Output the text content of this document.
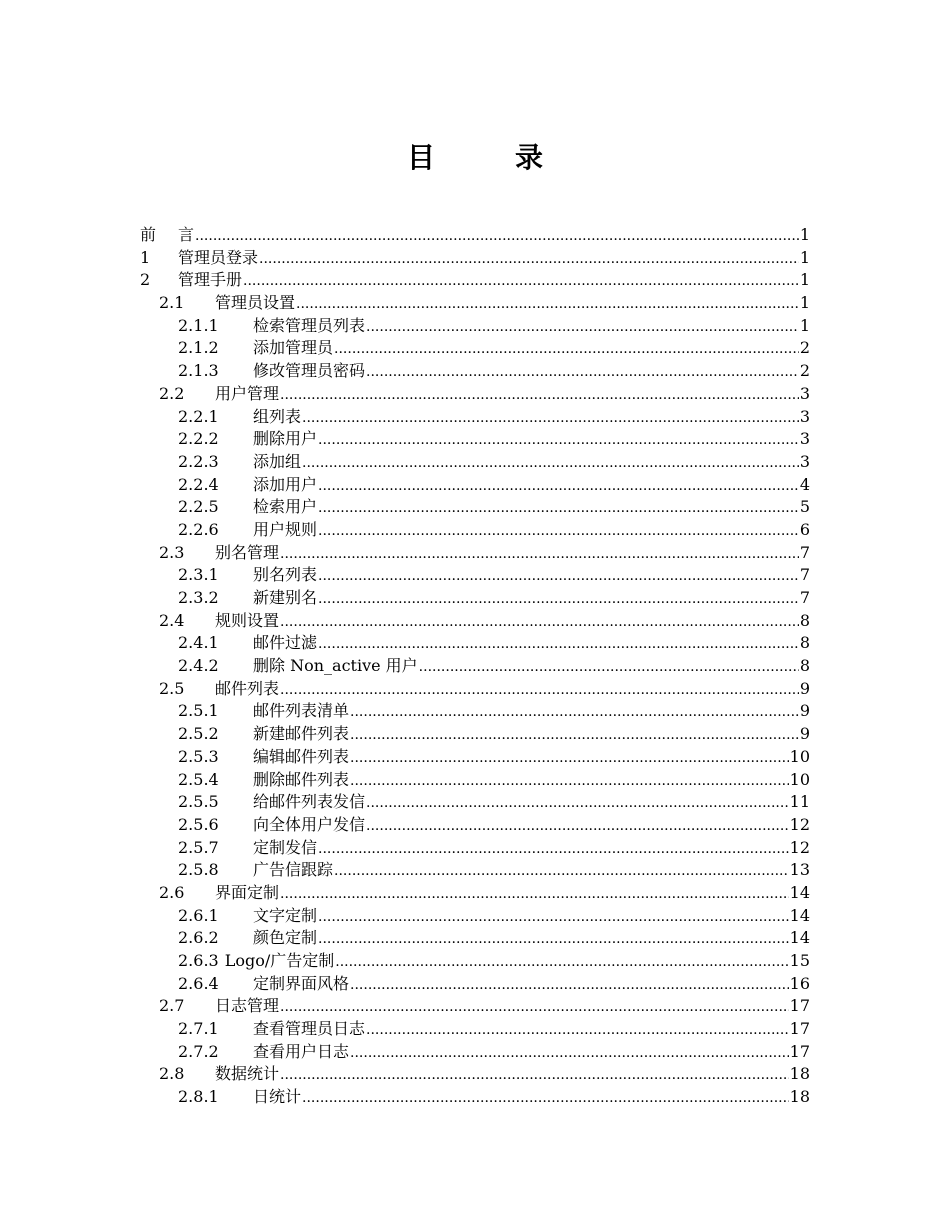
目　录
前	言 .....	1
1	管理员登录 .....	1
2	管理手册 .....	1
2.1	管理员设置 .....	1
2.1.1	检索管理员列表 .....	1
2.1.2	添加管理员 .....	2
2.1.3	修改管理员密码 .....	2
2.2	用户管理 .....	3
2.2.1	组列表 .....	3
2.2.2	删除用户 .....	3
2.2.3	添加组 .....	3
2.2.4	添加用户 .....	4
2.2.5	检索用户 .....	5
2.2.6	用户规则 .....	6
2.3	别名管理 .....	7
2.3.1	别名列表 .....	7
2.3.2	新建别名 .....	7
2.4	规则设置 .....	8
2.4.1	邮件过滤 .....	8
2.4.2	删除 Non_active 用户 .....	8
2.5	邮件列表 .....	9
2.5.1	邮件列表清单 .....	9
2.5.2	新建邮件列表 .....	9
2.5.3	编辑邮件列表 .....	10
2.5.4	删除邮件列表 .....	10
2.5.5	给邮件列表发信 .....	11
2.5.6	向全体用户发信 .....	12
2.5.7	定制发信 .....	12
2.5.8	广告信跟踪 .....	13
2.6	界面定制 .....	14
2.6.1	文字定制 .....	14
2.6.2	颜色定制 .....	14
2.6.3 Logo/广告定制 .....	15
2.6.4	定制界面风格 .....	16
2.7	日志管理 .....	17
2.7.1	查看管理员日志 .....	17
2.7.2	查看用户日志 .....	17
2.8	数据统计 .....	18
2.8.1	日统计 .....	18
